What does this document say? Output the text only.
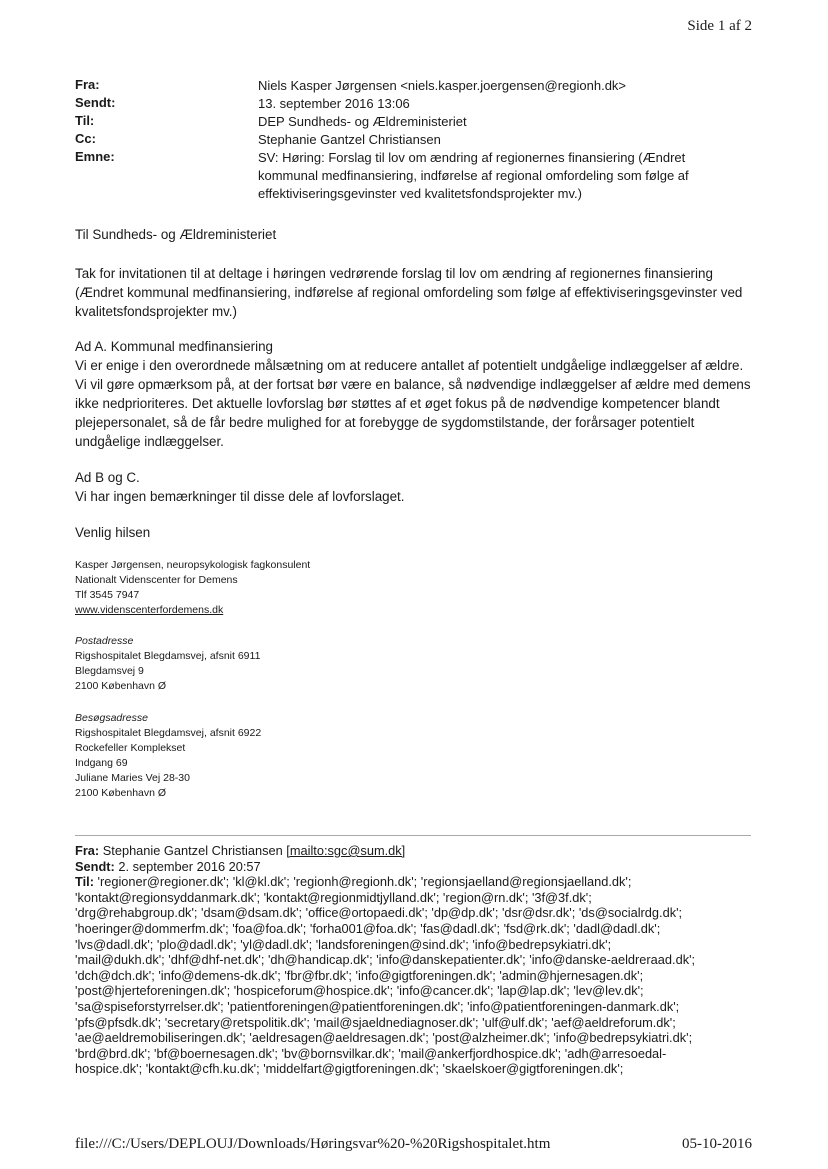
Side 1 af 2
Fra:	Niels Kasper Jørgensen <niels.kasper.joergensen@regionh.dk>
Sendt:	13. september 2016 13:06
Til:	DEP Sundheds- og Ældreministeriet
Cc:	Stephanie Gantzel Christiansen
Emne:	SV: Høring: Forslag til lov om ændring af regionernes finansiering (Ændret kommunal medfinansiering, indførelse af regional omfordeling som følge af effektiviseringsgevinster ved kvalitetsfondsprojekter mv.)
Til Sundheds- og Ældreministeriet

Tak for invitationen til at deltage i høringen vedrørende forslag til lov om ændring af regionernes finansiering (Ændret kommunal medfinansiering, indførelse af regional omfordeling som følge af effektiviseringsgevinster ved kvalitetsfondsprojekter mv.)

Ad A. Kommunal medfinansiering

Vi er enige i den overordnede målsætning om at reducere antallet af potentielt undgåelige indlæggelser af ældre. Vi vil gøre opmærksom på, at der fortsat bør være en balance, så nødvendige indlæggelser af ældre med demens ikke nedprioriteres. Det aktuelle lovforslag bør støttes af et øget fokus på de nødvendige kompetencer blandt plejepersonalet, så de får bedre mulighed for at forebygge de sygdomstilstande, der forårsager potentielt undgåelige indlæggelser.

Ad B og C.

Vi har ingen bemærkninger til disse dele af lovforslaget.

Venlig hilsen
Kasper Jørgensen, neuropsykologisk fagkonsulent
Nationalt Videnscenter for Demens
Tlf 3545 7947
www.videnscenterfordemens.dk
Postadresse
Rigshospitalet Blegdamsvej, afsnit 6911
Blegdamsvej 9
2100 København Ø
Besøgsadresse
Rigshospitalet Blegdamsvej, afsnit 6922
Rockefeller Komplekset
Indgang 69
Juliane Maries Vej 28-30
2100 København Ø
Fra: Stephanie Gantzel Christiansen [mailto:sgc@sum.dk]
Sendt: 2. september 2016 20:57
Til: 'regioner@regioner.dk'; 'kl@kl.dk'; 'regionh@regionh.dk'; 'regionsjaelland@regionsjaelland.dk';
'kontakt@regionsyddanmark.dk'; 'kontakt@regionmidtjylland.dk'; 'region@rn.dk'; '3f@3f.dk';
'drg@rehabgroup.dk'; 'dsam@dsam.dk'; 'office@ortopaedi.dk'; 'dp@dp.dk'; 'dsr@dsr.dk'; 'ds@socialrdg.dk';
'hoeringer@dommerfm.dk'; 'foa@foa.dk'; 'forha001@foa.dk'; 'fas@dadl.dk'; 'fsd@rk.dk'; 'dadl@dadl.dk';
'lvs@dadl.dk'; 'plo@dadl.dk'; 'yl@dadl.dk'; 'landsforeningen@sind.dk'; 'info@bedrepsykiatri.dk';
'mail@dukh.dk'; 'dhf@dhf-net.dk'; 'dh@handicap.dk'; 'info@danskepatienter.dk'; 'info@danske-aeldreraad.dk';
'dch@dch.dk'; 'info@demens-dk.dk'; 'fbr@fbr.dk'; 'info@gigtforeningen.dk'; 'admin@hjernesagen.dk';
'post@hjerteforeningen.dk'; 'hospiceforum@hospice.dk'; 'info@cancer.dk'; 'lap@lap.dk'; 'lev@lev.dk';
'sa@spiseforstyrrelser.dk'; 'patientforeningen@patientforeningen.dk'; 'info@patientforeningen-danmark.dk';
'pfs@pfsdk.dk'; 'secretary@retspolitik.dk'; 'mail@sjaeldnediagnoser.dk'; 'ulf@ulf.dk'; 'aef@aeldreforum.dk';
'ae@aeldremobiliseringen.dk'; 'aeldresagen@aeldresagen.dk'; 'post@alzheimer.dk'; 'info@bedrepsykiatri.dk';
'brd@brd.dk'; 'bf@boernesagen.dk'; 'bv@bornsvilkar.dk'; 'mail@ankerfjordhospice.dk'; 'adh@arresoedal-
hospice.dk'; 'kontakt@cfh.ku.dk'; 'middelfart@gigtforeningen.dk'; 'skaelskoer@gigtforeningen.dk';
file:///C:/Users/DEPLOUJ/Downloads/Høringsvar%20-%20Rigshospitalet.htm	05-10-2016
